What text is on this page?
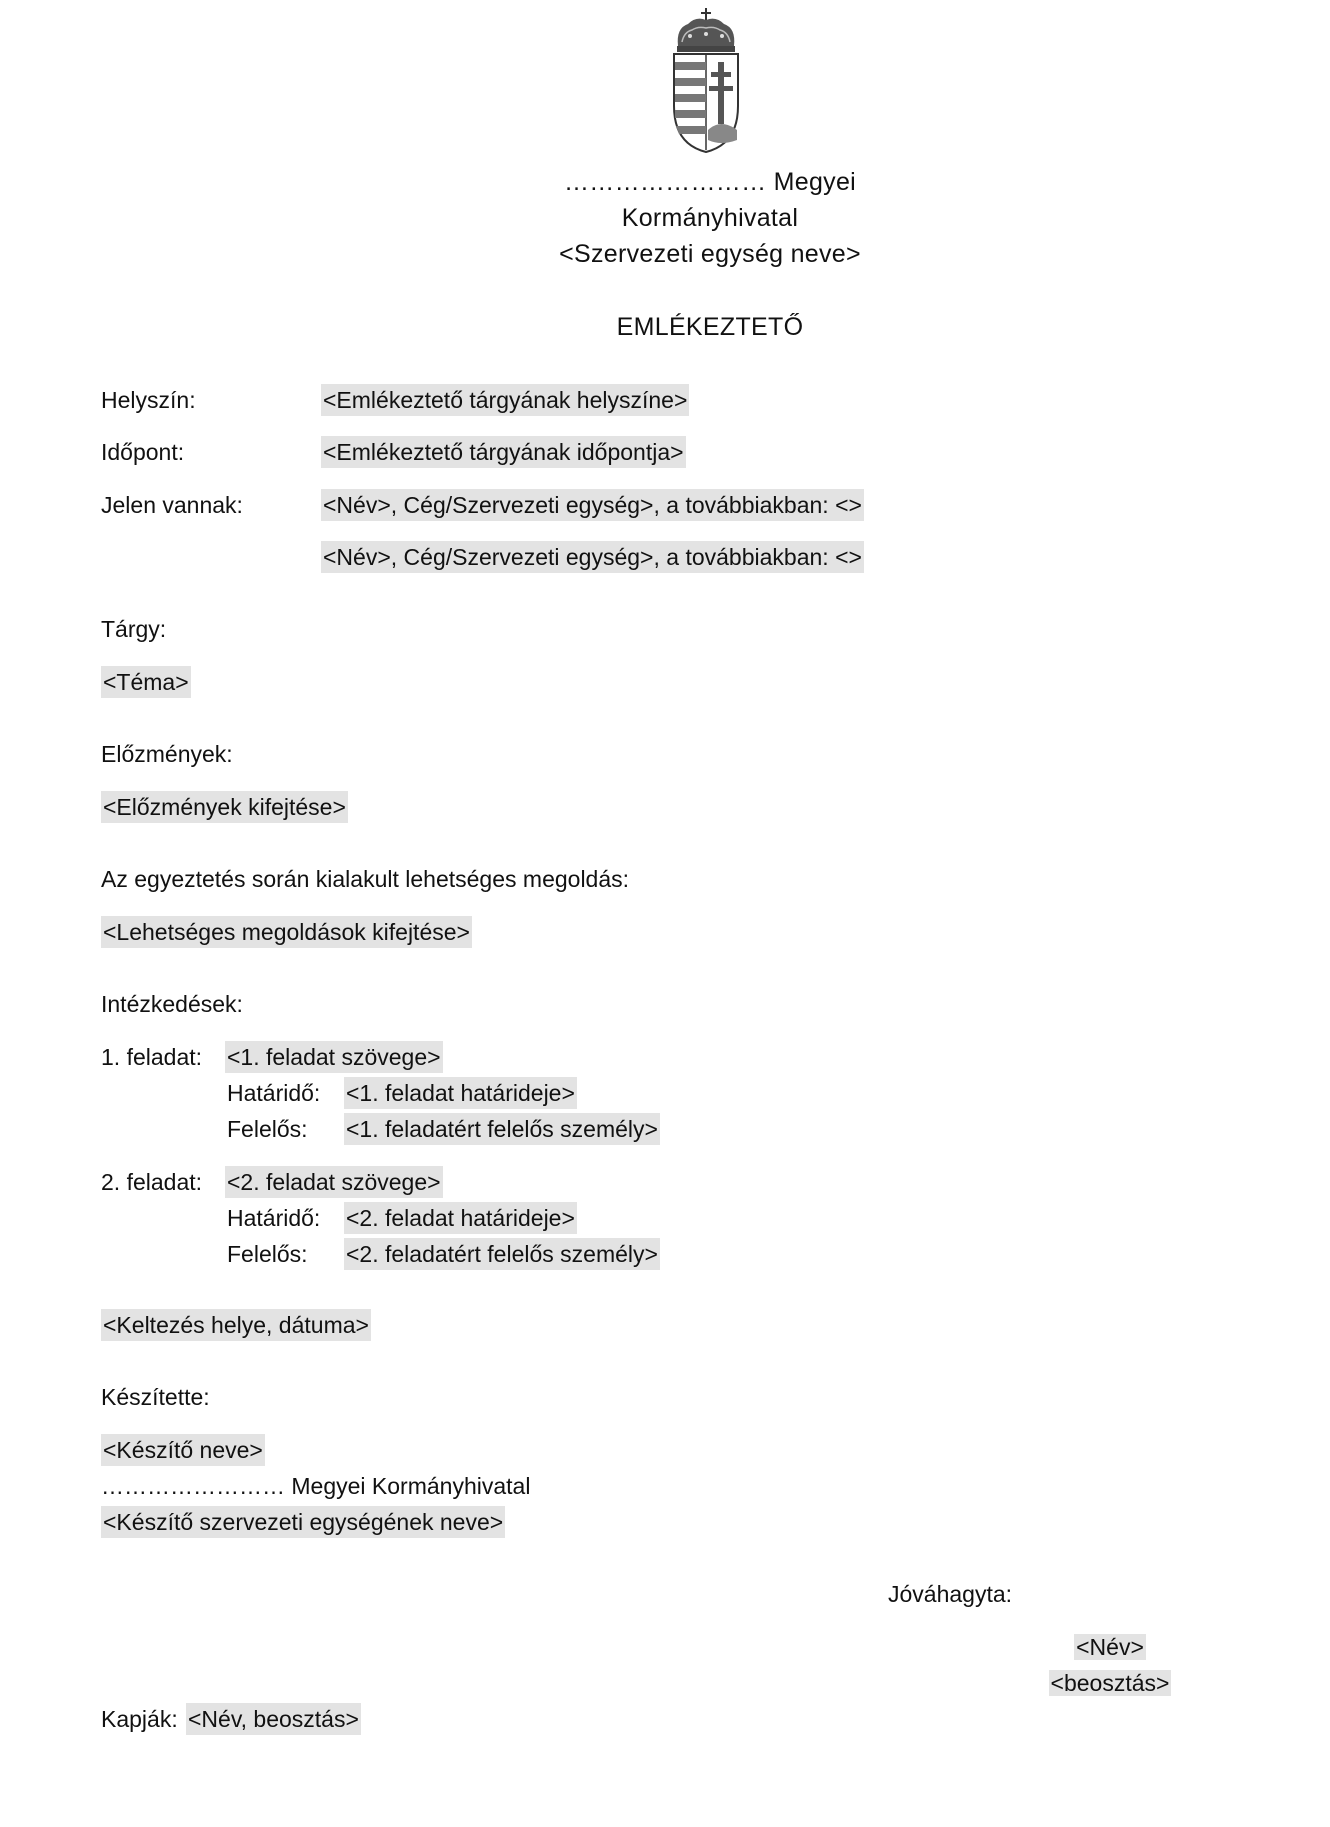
…………………… Megyei
Kormányhivatal
<Szervezeti egység neve>
EMLÉKEZTETŐ
Helyszín:	<Emlékeztető tárgyának helyszíne>
Időpont:	<Emlékeztető tárgyának időpontja>
Jelen vannak:	<Név>, Cég/Szervezeti egység>, a továbbiakban: <>
<Név>, Cég/Szervezeti egység>, a továbbiakban: <>
Tárgy:
<Téma>
Előzmények:
<Előzmények kifejtése>
Az egyeztetés során kialakult lehetséges megoldás:
<Lehetséges megoldások kifejtése>
Intézkedések:
1. feladat: <1. feladat szövege>
Határidő: <1. feladat határideje>
Felelős: <1. feladatért felelős személy>
2. feladat: <2. feladat szövege>
Határidő: <2. feladat határideje>
Felelős: <2. feladatért felelős személy>
<Keltezés helye, dátuma>
Készítette:
<Készítő neve>
…………………… Megyei Kormányhivatal
<Készítő szervezeti egységének neve>
Jóváhagyta:
<Név>
<beosztás>
Kapják: <Név, beosztás>
